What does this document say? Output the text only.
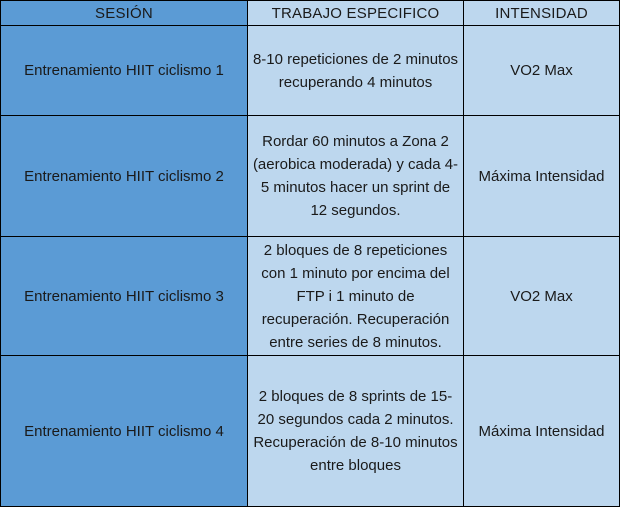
SESIÓN	TRABAJO ESPECIFICO	INTENSIDAD
Entrenamiento HIIT ciclismo 1	8-10 repeticiones de 2 minutos recuperando 4 minutos	VO2 Max
Entrenamiento HIIT ciclismo 2	Rordar 60 minutos a Zona 2 (aerobica moderada) y cada 4-5 minutos hacer un sprint de 12 segundos.	Máxima Intensidad
Entrenamiento HIIT ciclismo 3	2 bloques de 8 repeticiones con 1 minuto por encima del FTP i 1 minuto de recuperación. Recuperación entre series de 8 minutos.	VO2 Max
Entrenamiento HIIT ciclismo 4	2 bloques de 8 sprints de 15-20 segundos cada 2 minutos. Recuperación de 8-10 minutos entre bloques	Máxima Intensidad
